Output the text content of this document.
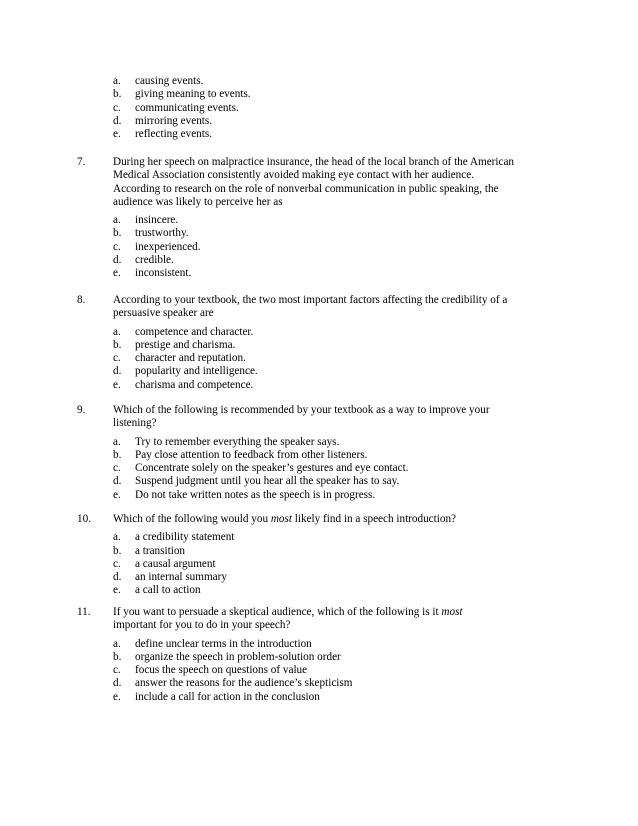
a.	causing events.
b.	giving meaning to events.
c.	communicating events.
d.	mirroring events.
e.	reflecting events.
7.	During her speech on malpractice insurance, the head of the local branch of the American
Medical Association consistently avoided making eye contact with her audience.
According to research on the role of nonverbal communication in public speaking, the
audience was likely to perceive her as
a.	insincere.
b.	trustworthy.
c.	inexperienced.
d.	credible.
e.	inconsistent.
8.	According to your textbook, the two most important factors affecting the credibility of a
persuasive speaker are
a.	competence and character.
b.	prestige and charisma.
c.	character and reputation.
d.	popularity and intelligence.
e.	charisma and competence.
9.	Which of the following is recommended by your textbook as a way to improve your
listening?
a.	Try to remember everything the speaker says.
b.	Pay close attention to feedback from other listeners.
c.	Concentrate solely on the speaker’s gestures and eye contact.
d.	Suspend judgment until you hear all the speaker has to say.
e.	Do not take written notes as the speech is in progress.
10.	Which of the following would you most likely find in a speech introduction?
a.	a credibility statement
b.	a transition
c.	a causal argument
d.	an internal summary
e.	a call to action
11.	If you want to persuade a skeptical audience, which of the following is it most
important for you to do in your speech?
a.	define unclear terms in the introduction
b.	organize the speech in problem-solution order
c.	focus the speech on questions of value
d.	answer the reasons for the audience’s skepticism
e.	include a call for action in the conclusion
